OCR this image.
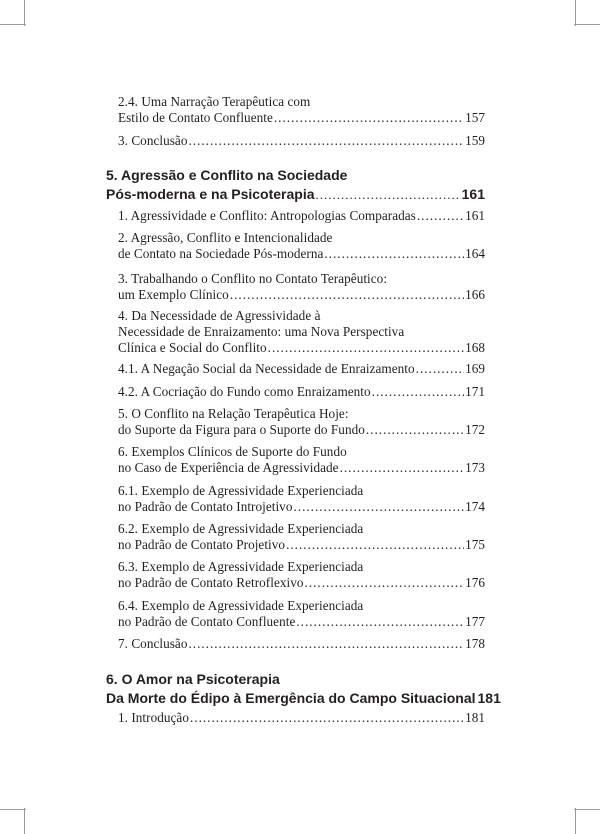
2.4. Uma Narração Terapêutica com
Estilo de Contato Confluente .....	157
3. Conclusão .....	159
5. Agressão e Conflito na Sociedade
Pós-moderna e na Psicoterapia .....	161
1. Agressividade e Conflito: Antropologias Comparadas .....	161
2. Agressão, Conflito e Intencionalidade
de Contato na Sociedade Pós-moderna .....	164
3. Trabalhando o Conflito no Contato Terapêutico:
um Exemplo Clínico .....	166
4. Da Necessidade de Agressividade à
Necessidade de Enraizamento: uma Nova Perspectiva
Clínica e Social do Conflito .....	168
4.1. A Negação Social da Necessidade de Enraizamento .....	169
4.2. A Cocriação do Fundo como Enraizamento .....	171
5. O Conflito na Relação Terapêutica Hoje:
do Suporte da Figura para o Suporte do Fundo .....	172
6. Exemplos Clínicos de Suporte do Fundo
no Caso de Experiência de Agressividade .....	173
6.1. Exemplo de Agressividade Experienciada
no Padrão de Contato Introjetivo .....	174
6.2. Exemplo de Agressividade Experienciada
no Padrão de Contato Projetivo .....	175
6.3. Exemplo de Agressividade Experienciada
no Padrão de Contato Retroflexivo .....	176
6.4. Exemplo de Agressividade Experienciada
no Padrão de Contato Confluente .....	177
7. Conclusão .....	178
6. O Amor na Psicoterapia
Da Morte do Édipo à Emergência do Campo Situacional 181
1. Introdução .....	181
